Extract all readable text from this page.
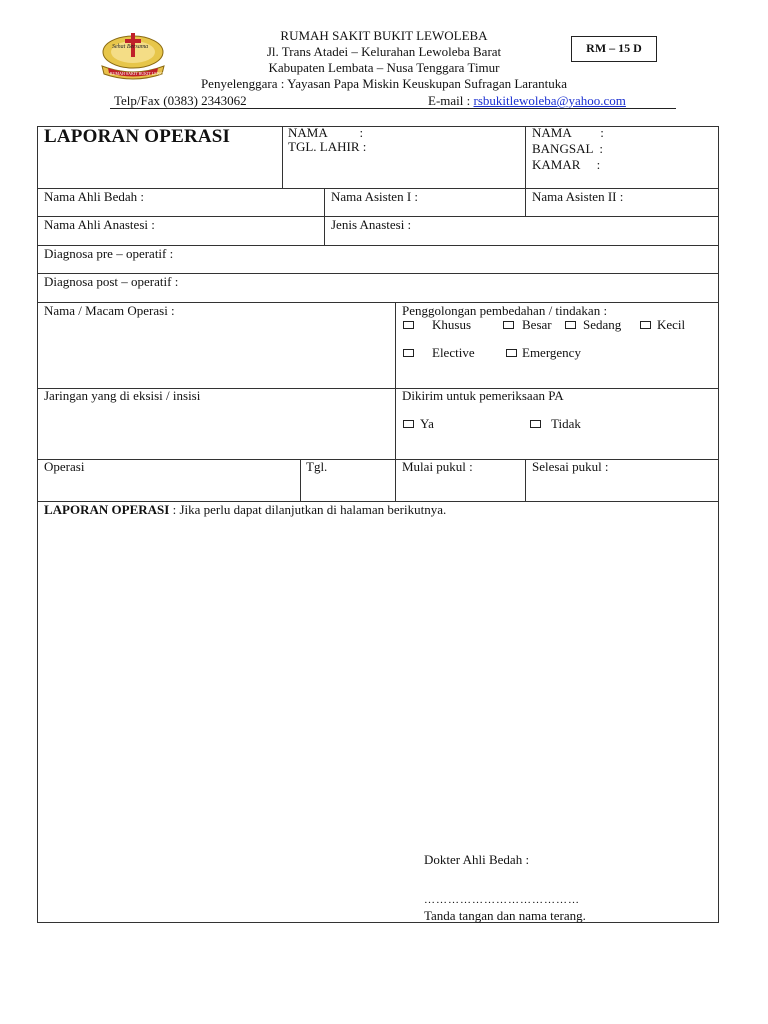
Sehat Bersama
RUMAH SAKIT BUKIT LEWOLEBA
RUMAH SAKIT BUKIT LEWOLEBA
Jl. Trans Atadei – Kelurahan Lewoleba Barat
Kabupaten Lembata – Nusa Tenggara Timur
Penyelenggara : Yayasan Papa Miskin Keuskupan Sufragan Larantuka
RM – 15 D
Telp/Fax (0383) 2343062	E-mail : rsbukitlewoleba@yahoo.com
LAPORAN OPERASI	NAMA          :
TGL. LAHIR :
NAMA         :
BANGSAL  :
KAMAR     :
Nama Ahli Bedah :	Nama Asisten I :	Nama Asisten II :
Nama Ahli Anastesi :	Jenis Anastesi :
Diagnosa pre – operatif :
Diagnosa post – operatif :
Nama / Macam Operasi :	Penggolongan pembedahan / tindakan :
Khusus	Besar Sedang	Kecil
Elective	Emergency
Jaringan yang di eksisi / insisi	Dikirim untuk pemeriksaan PA
Ya	Tidak
Operasi	Tgl.	Mulai pukul :	Selesai pukul :
LAPORAN OPERASI : Jika perlu dapat dilanjutkan di halaman berikutnya.
Dokter Ahli Bedah :
…………………………………
Tanda tangan dan nama terang.
